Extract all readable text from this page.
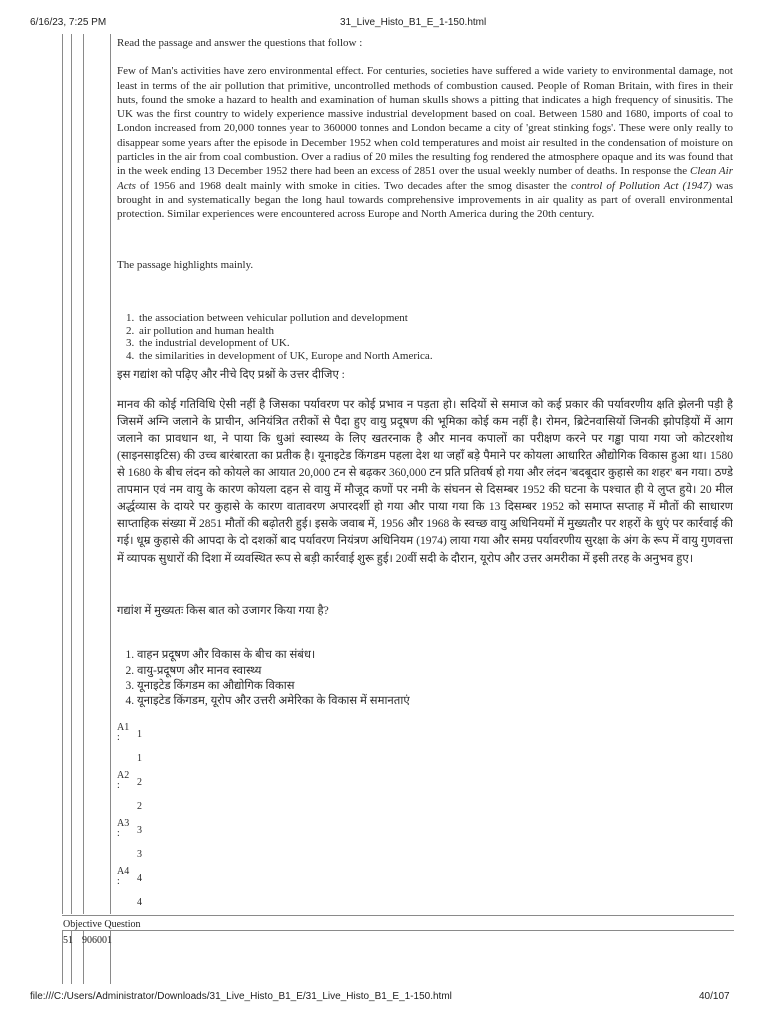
6/16/23, 7:25 PM	31_Live_Histo_B1_E_1-150.html

Read the passage and answer the questions that follow :

Few of Man's activities have zero environmental effect. For centuries, societies have suffered a wide variety to environmental damage, not least in terms of the air pollution that primitive, uncontrolled methods of combustion caused. People of Roman Britain, with fires in their huts, found the smoke a hazard to health and examination of human skulls shows a pitting that indicates a high frequency of sinusitis. The UK was the first country to widely experience massive industrial development based on coal. Between 1580 and 1680, imports of coal to London increased from 20,000 tonnes year to 360000 tonnes and London became a city of 'great stinking fogs'. These were only really to disappear some years after the episode in December 1952 when cold temperatures and moist air resulted in the condensation of moisture on particles in the air from coal combustion. Over a radius of 20 miles the resulting fog rendered the atmosphere opaque and its was found that in the week ending 13 December 1952 there had been an excess of 2851 over the usual weekly number of deaths. In response the Clean Air Acts of 1956 and 1968 dealt mainly with smoke in cities. Two decades after the smog disaster the control of Pollution Act (1947) was brought in and systematically began the long haul towards comprehensive improvements in air quality as part of overall environmental protection. Similar experiences were encountered across Europe and North America during the 20th century.

The passage highlights mainly.

1. the association between vehicular pollution and development
2. air pollution and human health
3. the industrial development of UK.
4. the similarities in development of UK, Europe and North America.

इस गद्यांश को पढ़िए और नीचे दिए प्रश्नों के उत्तर दीजिए :

मानव की कोई गतिविधि ऐसी नहीं है जिसका पर्यावरण पर कोई प्रभाव न पड़ता हो। सदियों से समाज को कई प्रकार की पर्यावरणीय क्षति झेलनी पड़ी है जिसमें अग्नि जलाने के प्राचीन, अनियंत्रित तरीकों से पैदा हुए वायु प्रदूषण की भूमिका कोई कम नहीं है। रोमन, ब्रिटेनवासियों जिनकी झोपड़ियों में आग जलाने का प्रावधान था, ने पाया कि धुआं स्वास्थ्य के लिए खतरनाक है और मानव कपालों का परीक्षण करने पर गड्ढा पाया गया जो कोटरशोथ (साइनसाइटिस) की उच्च बारंबारता का प्रतीक है। यूनाइटेड किंगडम पहला देश था जहाँ बड़े पैमाने पर कोयला आधारित औद्योगिक विकास हुआ था। 1580 से 1680 के बीच लंदन को कोयले का आयात 20,000 टन से बढ़कर 360,000 टन प्रति प्रतिवर्ष हो गया और लंदन 'बदबूदार कुहासे का शहर' बन गया। ठण्डे तापमान एवं नम वायु के कारण कोयला दहन से वायु में मौजूद कणों पर नमी के संघनन से दिसम्बर 1952 की घटना के पश्चात ही ये लुप्त हुये। 20 मील अर्द्धव्यास के दायरे पर कुहासे के कारण वातावरण अपारदर्शी हो गया और पाया गया कि 13 दिसम्बर 1952 को समाप्त सप्ताह में मौतों की साधारण साप्ताहिक संख्या में 2851 मौतों की बढ़ोतरी हुई। इसके जवाब में, 1956 और 1968 के स्वच्छ वायु अधिनियमों में मुख्यतौर पर शहरों के धुएं पर कार्रवाई की गई। धूम्र कुहासे की आपदा के दो दशकों बाद पर्यावरण नियंत्रण अधिनियम (1974) लाया गया और समग्र पर्यावरणीय सुरक्षा के अंग के रूप में वायु गुणवत्ता में व्यापक सुधारों की दिशा में व्यवस्थित रूप से बड़ी कार्रवाई शुरू हुई। 20वीं सदी के दौरान, यूरोप और उत्तर अमरीका में इसी तरह के अनुभव हुए।

गद्यांश में मुख्यतः किस बात को उजागर किया गया है?

1. वाहन प्रदूषण और विकास के बीच का संबंध।
2. वायु-प्रदूषण और मानव स्वास्थ्य
3. यूनाइटेड किंगडम का औद्योगिक विकास
4. यूनाइटेड किंगडम, यूरोप और उत्तरी अमेरिका के विकास में समानताएं
A1
:	1
1
A2
:	2
2
A3
:	3
3
A4
:	4
4
Objective Question
51 906001
file:///C:/Users/Administrator/Downloads/31_Live_Histo_B1_E/31_Live_Histo_B1_E_1-150.html	40/107
